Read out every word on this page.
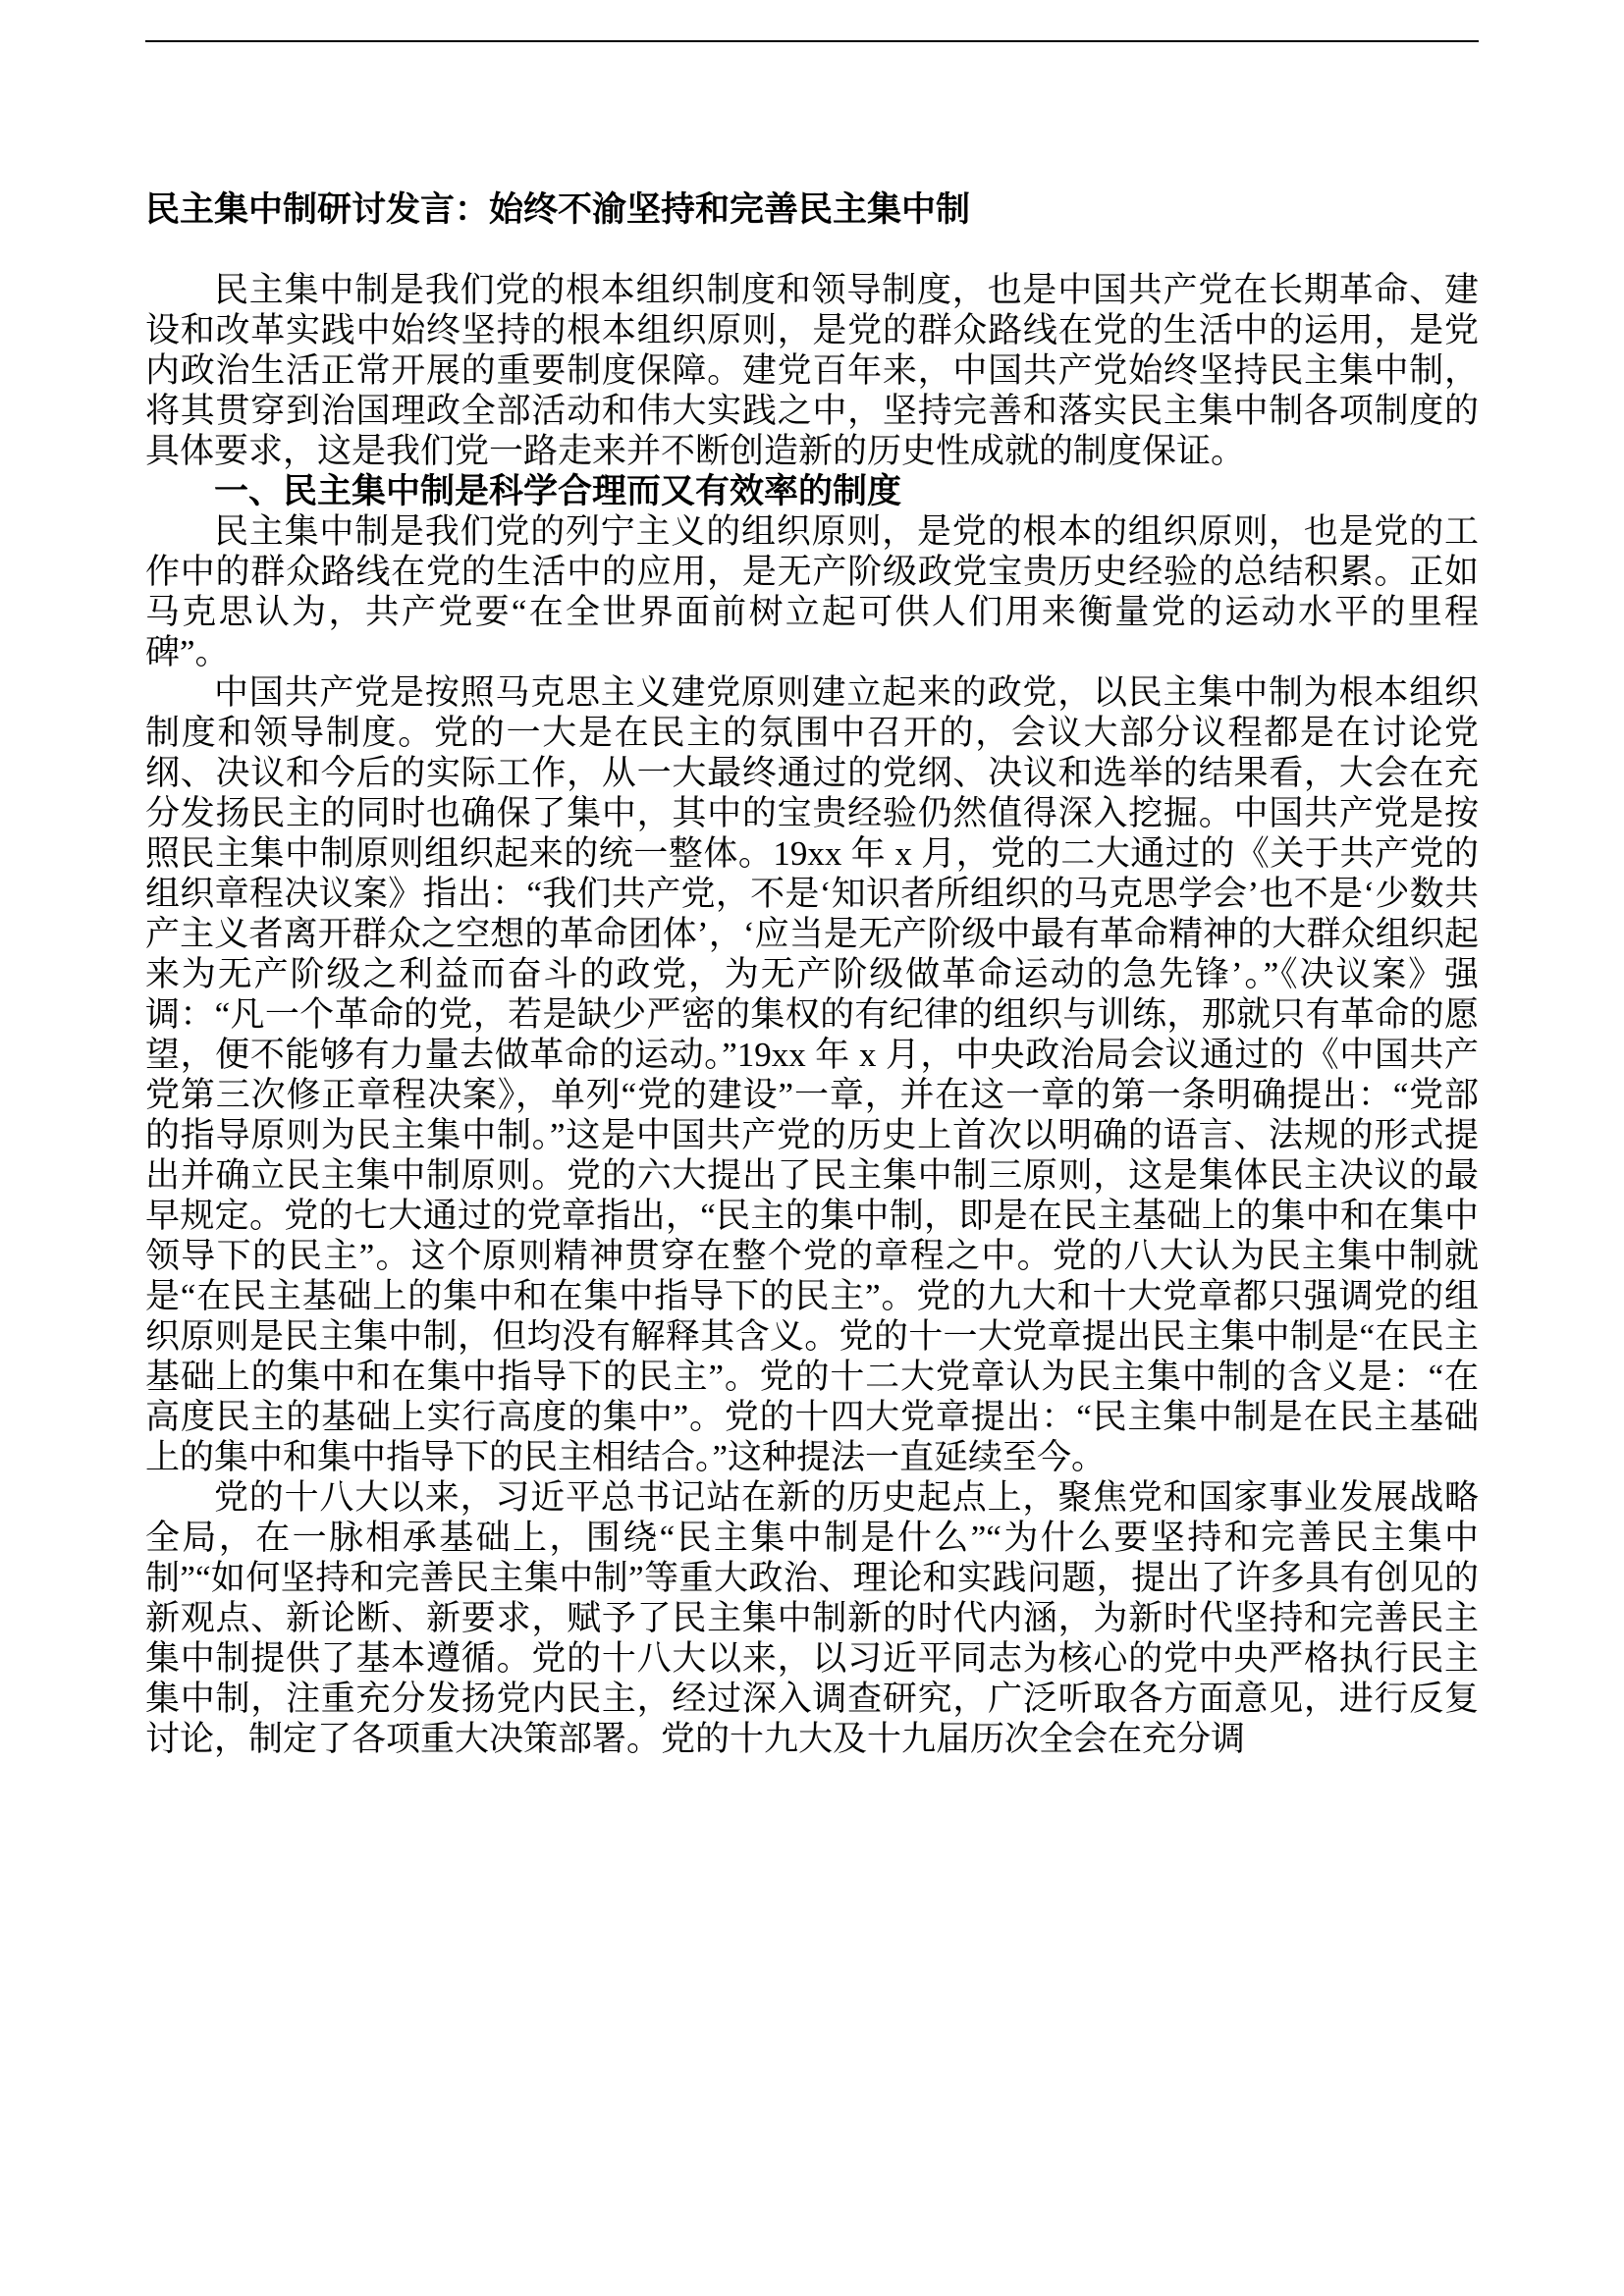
民主集中制研讨发言：始终不渝坚持和完善民主集中制

民主集中制是我们党的根本组织制度和领导制度，也是中国共产党在长期革命、建设和改革实践中始终坚持的根本组织原则，是党的群众路线在党的生活中的运用，是党内政治生活正常开展的重要制度保障。建党百年来，中国共产党始终坚持民主集中制，将其贯穿到治国理政全部活动和伟大实践之中，坚持完善和落实民主集中制各项制度的具体要求，这是我们党一路走来并不断创造新的历史性成就的制度保证。

一、民主集中制是科学合理而又有效率的制度

民主集中制是我们党的列宁主义的组织原则，是党的根本的组织原则，也是党的工作中的群众路线在党的生活中的应用，是无产阶级政党宝贵历史经验的总结积累。正如马克思认为，共产党要“在全世界面前树立起可供人们用来衡量党的运动水平的里程碑”。

中国共产党是按照马克思主义建党原则建立起来的政党，以民主集中制为根本组织制度和领导制度。党的一大是在民主的氛围中召开的，会议大部分议程都是在讨论党纲、决议和今后的实际工作，从一大最终通过的党纲、决议和选举的结果看，大会在充分发扬民主的同时也确保了集中，其中的宝贵经验仍然值得深入挖掘。中国共产党是按照民主集中制原则组织起来的统一整体。19xx 年 x 月，党的二大通过的《关于共产党的组织章程决议案》指出：“我们共产党，不是‘知识者所组织的马克思学会’也不是‘少数共产主义者离开群众之空想的革命团体’，‘应当是无产阶级中最有革命精神的大群众组织起来为无产阶级之利益而奋斗的政党，为无产阶级做革命运动的急先锋’。”《决议案》强调：“凡一个革命的党，若是缺少严密的集权的有纪律的组织与训练，那就只有革命的愿望，便不能够有力量去做革命的运动。”19xx 年 x 月，中央政治局会议通过的《中国共产党第三次修正章程决案》，单列“党的建设”一章，并在这一章的第一条明确提出：“党部的指导原则为民主集中制。”这是中国共产党的历史上首次以明确的语言、法规的形式提出并确立民主集中制原则。党的六大提出了民主集中制三原则，这是集体民主决议的最早规定。党的七大通过的党章指出，“民主的集中制，即是在民主基础上的集中和在集中领导下的民主”。这个原则精神贯穿在整个党的章程之中。党的八大认为民主集中制就是“在民主基础上的集中和在集中指导下的民主”。党的九大和十大党章都只强调党的组织原则是民主集中制，但均没有解释其含义。党的十一大党章提出民主集中制是“在民主基础上的集中和在集中指导下的民主”。党的十二大党章认为民主集中制的含义是：“在高度民主的基础上实行高度的集中”。党的十四大党章提出：“民主集中制是在民主基础上的集中和集中指导下的民主相结合。”这种提法一直延续至今。

党的十八大以来，习近平总书记站在新的历史起点上，聚焦党和国家事业发展战略全局，在一脉相承基础上，围绕“民主集中制是什么”“为什么要坚持和完善民主集中制”“如何坚持和完善民主集中制”等重大政治、理论和实践问题，提出了许多具有创见的新观点、新论断、新要求，赋予了民主集中制新的时代内涵，为新时代坚持和完善民主集中制提供了基本遵循。党的十八大以来，以习近平同志为核心的党中央严格执行民主集中制，注重充分发扬党内民主，经过深入调查研究，广泛听取各方面意见，进行反复讨论，制定了各项重大决策部署。党的十九大及十九届历次全会在充分调
